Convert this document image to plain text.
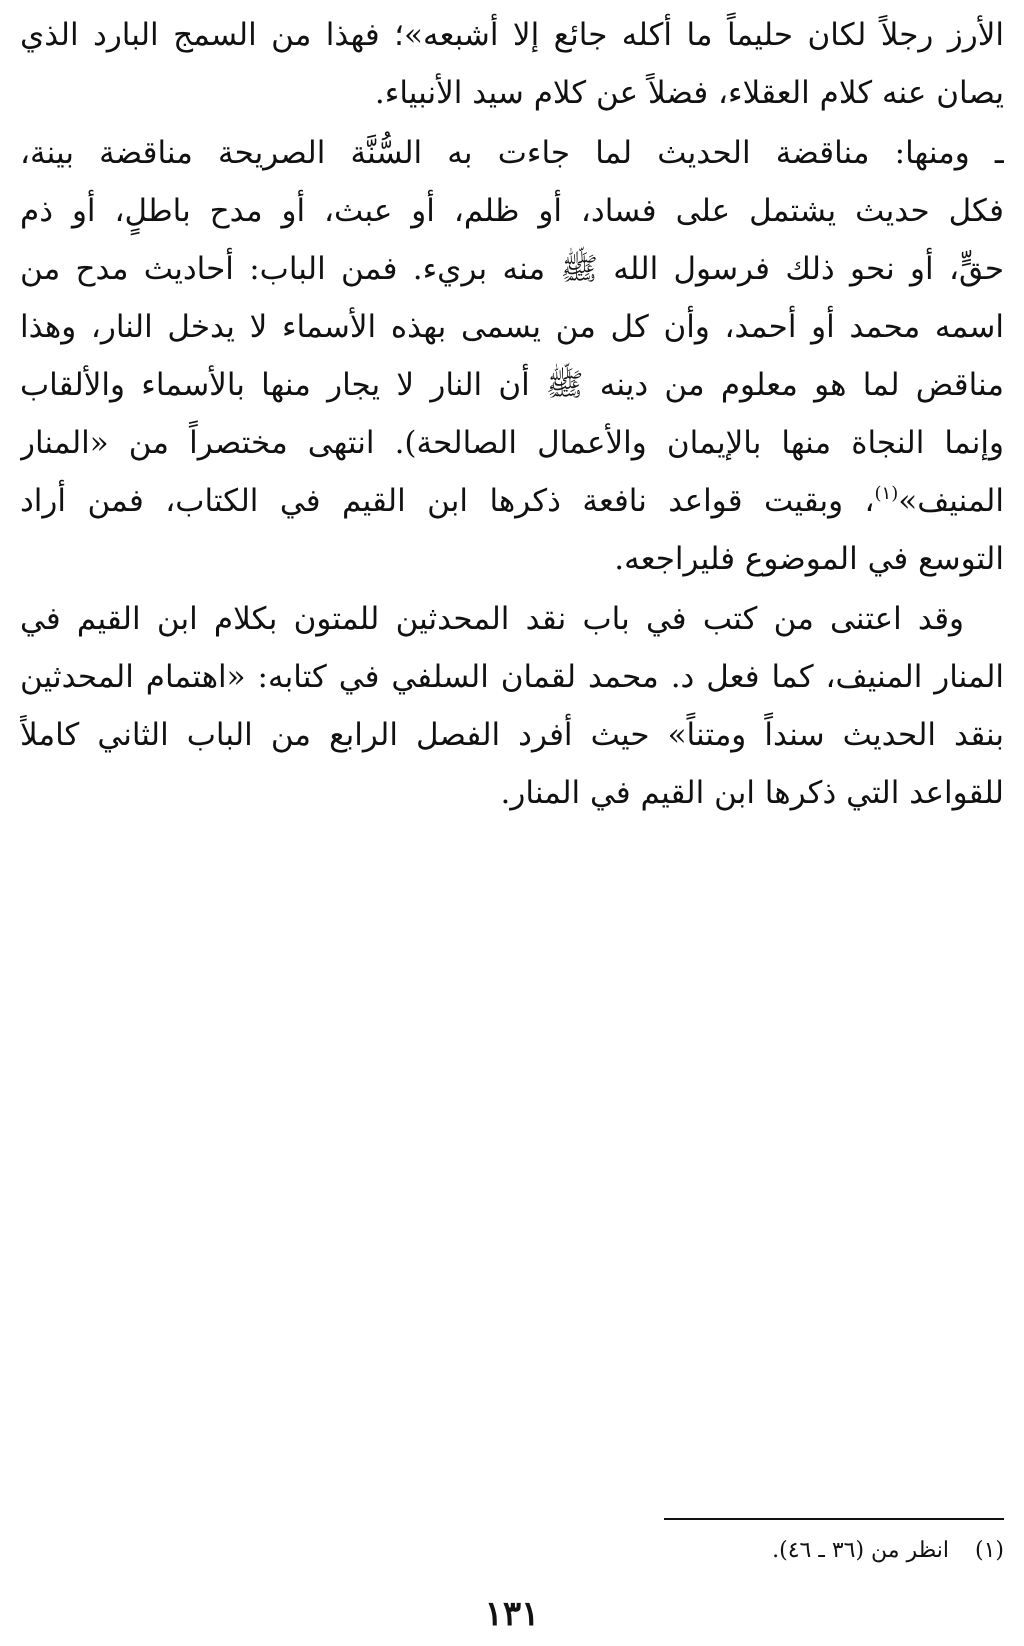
الأرز رجلاً لكان حليماً ما أكله جائع إلا أشبعه»؛ فهذا من السمج البارد الذي
يصان عنه كلام العقلاء، فضلاً عن كلام سيد الأنبياء.
ـ ومنها: مناقضة الحديث لما جاءت به السُّنَّة الصريحة مناقضة بينة،
فكل حديث يشتمل على فساد، أو ظلم، أو عبث، أو مدح باطلٍ، أو ذم
حقٍّ، أو نحو ذلك فرسول الله ﷺ منه بريء. فمن الباب: أحاديث مدح من
اسمه محمد أو أحمد، وأن كل من يسمى بهذه الأسماء لا يدخل النار، وهذا
مناقض لما هو معلوم من دينه ﷺ أن النار لا يجار منها بالأسماء والألقاب
وإنما النجاة منها بالإيمان والأعمال الصالحة). انتهى مختصراً من «المنار
المنيف»$^{(١)}$، وبقيت قواعد نافعة ذكرها ابن القيم في الكتاب، فمن أراد
التوسع في الموضوع فليراجعه.
وقد اعتنى من كتب في باب نقد المحدثين للمتون بكلام ابن القيم في
المنار المنيف، كما فعل د. محمد لقمان السلفي في كتابه: «اهتمام المحدثين
بنقد الحديث سنداً ومتناً» حيث أفرد الفصل الرابع من الباب الثاني كاملاً
للقواعد التي ذكرها ابن القيم في المنار.
(١)انظر من (٣٦ ـ ٤٦).
١٣١
